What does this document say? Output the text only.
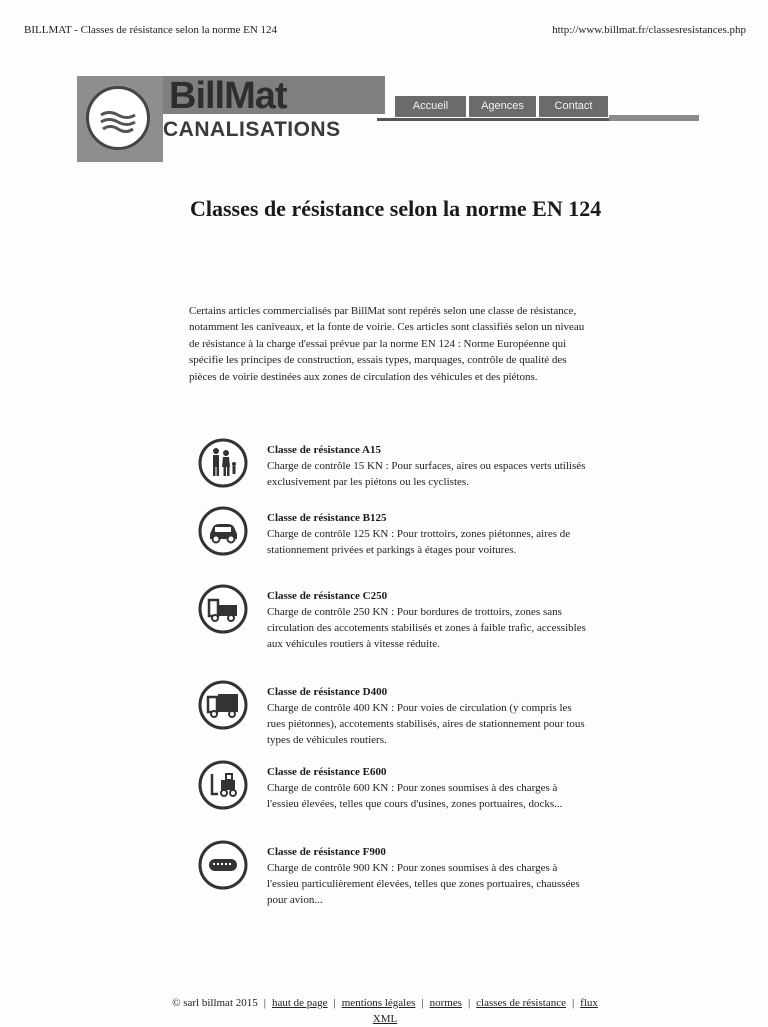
BILLMAT - Classes de résistance selon la norme EN 124	http://www.billmat.fr/classesresistances.php
BillMat
CANALISATIONS
Accueil	Agences	Contact
Classes de résistance selon la norme EN 124

Certains articles commercialisés par BillMat sont repérés selon une classe de résistance, notamment les caniveaux, et la fonte de voirie. Ces articles sont classifiés selon un niveau de résistance à la charge d'essai prévue par la norme EN 124 : Norme Européenne qui spécifie les principes de construction, essais types, marquages, contrôle de qualité des pièces de voirie destinées aux zones de circulation des véhicules et des piétons.

Classe de résistance A15
Charge de contrôle 15 KN : Pour surfaces, aires ou espaces verts utilisés exclusivement par les piétons ou les cyclistes.
Classe de résistance B125
Charge de contrôle 125 KN : Pour trottoirs, zones piétonnes, aires de stationnement privées et parkings à étages pour voitures.
Classe de résistance C250
Charge de contrôle 250 KN : Pour bordures de trottoirs, zones sans circulation des accotements stabilisés et zones à faible trafic, accessibles aux véhicules routiers à vitesse réduite.
Classe de résistance D400
Charge de contrôle 400 KN : Pour voies de circulation (y compris les rues piétonnes), accotements stabilisés, aires de stationnement pour tous types de véhicules routiers.
Classe de résistance E600
Charge de contrôle 600 KN : Pour zones soumises à des charges à l'essieu élevées, telles que cours d'usines, zones portuaires, docks...
Classe de résistance F900
Charge de contrôle 900 KN : Pour zones soumises à des charges à l'essieu particulièrement élevées, telles que zones portuaires, chaussées pour avion...
© sarl billmat 2015 | haut de page | mentions légales | normes | classes de résistance | flux XML
